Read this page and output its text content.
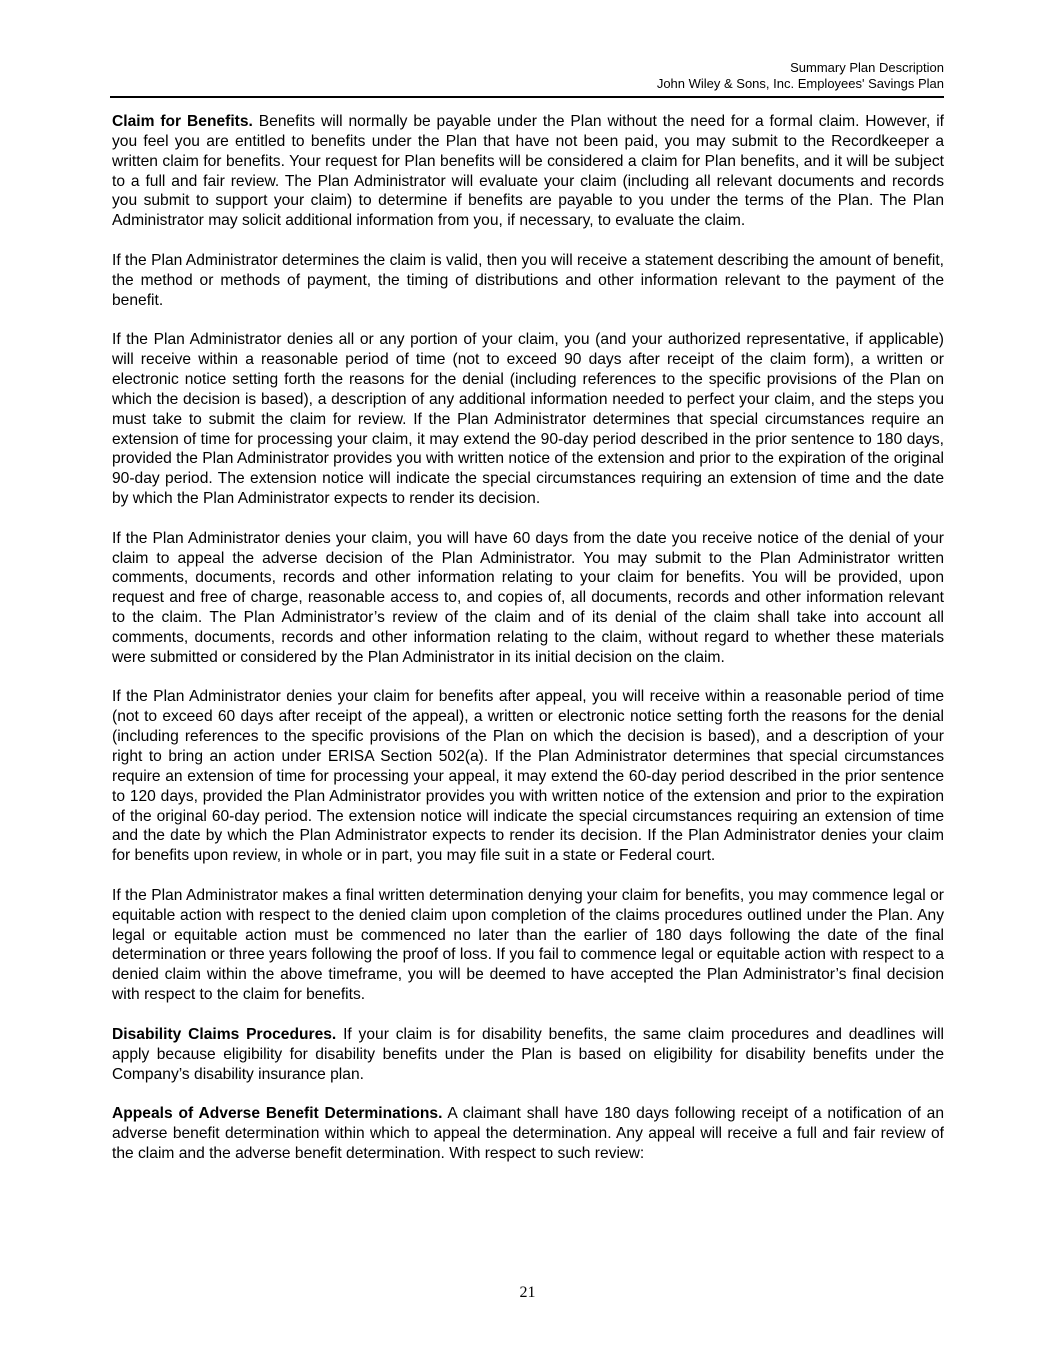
Summary Plan Description
John Wiley & Sons, Inc. Employees' Savings Plan

Claim for Benefits. Benefits will normally be payable under the Plan without the need for a formal claim. However, if you feel you are entitled to benefits under the Plan that have not been paid, you may submit to the Recordkeeper a written claim for benefits. Your request for Plan benefits will be considered a claim for Plan benefits, and it will be subject to a full and fair review. The Plan Administrator will evaluate your claim (including all relevant documents and records you submit to support your claim) to determine if benefits are payable to you under the terms of the Plan. The Plan Administrator may solicit additional information from you, if necessary, to evaluate the claim.

If the Plan Administrator determines the claim is valid, then you will receive a statement describing the amount of benefit, the method or methods of payment, the timing of distributions and other information relevant to the payment of the benefit.

If the Plan Administrator denies all or any portion of your claim, you (and your authorized representative, if applicable) will receive within a reasonable period of time (not to exceed 90 days after receipt of the claim form), a written or electronic notice setting forth the reasons for the denial (including references to the specific provisions of the Plan on which the decision is based), a description of any additional information needed to perfect your claim, and the steps you must take to submit the claim for review. If the Plan Administrator determines that special circumstances require an extension of time for processing your claim, it may extend the 90-day period described in the prior sentence to 180 days, provided the Plan Administrator provides you with written notice of the extension and prior to the expiration of the original 90-day period. The extension notice will indicate the special circumstances requiring an extension of time and the date by which the Plan Administrator expects to render its decision.

If the Plan Administrator denies your claim, you will have 60 days from the date you receive notice of the denial of your claim to appeal the adverse decision of the Plan Administrator. You may submit to the Plan Administrator written comments, documents, records and other information relating to your claim for benefits. You will be provided, upon request and free of charge, reasonable access to, and copies of, all documents, records and other information relevant to the claim. The Plan Administrator’s review of the claim and of its denial of the claim shall take into account all comments, documents, records and other information relating to the claim, without regard to whether these materials were submitted or considered by the Plan Administrator in its initial decision on the claim.

If the Plan Administrator denies your claim for benefits after appeal, you will receive within a reasonable period of time (not to exceed 60 days after receipt of the appeal), a written or electronic notice setting forth the reasons for the denial (including references to the specific provisions of the Plan on which the decision is based), and a description of your right to bring an action under ERISA Section 502(a). If the Plan Administrator determines that special circumstances require an extension of time for processing your appeal, it may extend the 60-day period described in the prior sentence to 120 days, provided the Plan Administrator provides you with written notice of the extension and prior to the expiration of the original 60-day period. The extension notice will indicate the special circumstances requiring an extension of time and the date by which the Plan Administrator expects to render its decision. If the Plan Administrator denies your claim for benefits upon review, in whole or in part, you may file suit in a state or Federal court.

If the Plan Administrator makes a final written determination denying your claim for benefits, you may commence legal or equitable action with respect to the denied claim upon completion of the claims procedures outlined under the Plan. Any legal or equitable action must be commenced no later than the earlier of 180 days following the date of the final determination or three years following the proof of loss. If you fail to commence legal or equitable action with respect to a denied claim within the above timeframe, you will be deemed to have accepted the Plan Administrator’s final decision with respect to the claim for benefits.

Disability Claims Procedures. If your claim is for disability benefits, the same claim procedures and deadlines will apply because eligibility for disability benefits under the Plan is based on eligibility for disability benefits under the Company’s disability insurance plan.

Appeals of Adverse Benefit Determinations. A claimant shall have 180 days following receipt of a notification of an adverse benefit determination within which to appeal the determination. Any appeal will receive a full and fair review of the claim and the adverse benefit determination. With respect to such review:

21
